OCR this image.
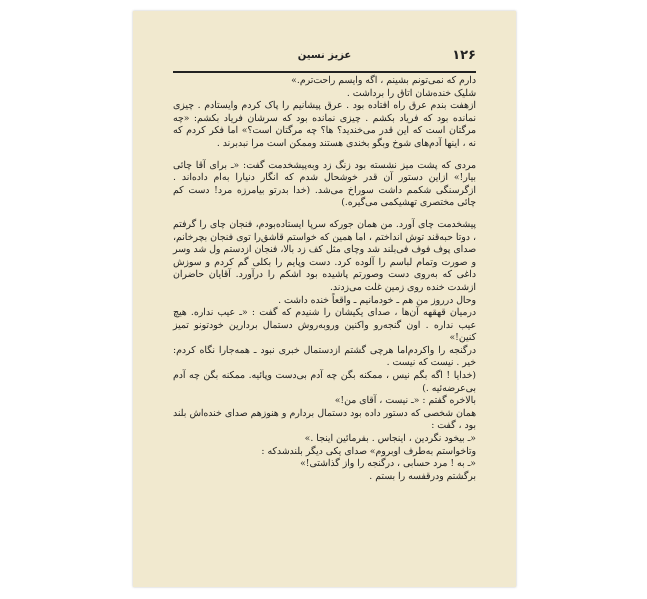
۱۲۶
عزیز نسین

دارم که نمی‌تونم بشینم ، اگه وایسم راحت‌ترم.»

شلیک خنده‌شان اتاق را برداشت .

ازهفت بندم عرق راه افتاده بود . عرق پیشانیم را پاک کردم وایستادم . چیزی نمانده بود که فریاد بکشم . چیزی نمانده بود که سرشان فریاد بکشم: «چه مرگتان است که این قدر می‌خندید؟ ها؟ چه مرگتان است؟» اما فکر کردم که نه ، اینها آدم‌های شوخ وبگو بخندی هستند وممکن است مرا نبدبرند .

مردی که پشت میز نشسته بود زنگ زد وبه‌پیشخدمت گفت: «ـ برای آقا چائی بیار!» ازاین دستور آن قدر خوشحال شدم که انگار دنیارا به‌ام داده‌اند . ازگرسنگی شکمم داشت سوراخ می‌شد. (خدا بدرتو بیامرزه مرد! دست کم چائی مختصری تهشیکمی می‌گیره.)

پیشخدمت چای آورد. من همان جورکه سرپا ایستاده‌بودم، فنجان چای را گرفتم ، دوتا حبه‌قند توش انداختم ، اما همین که خواستم قاشق‌را توی فنجان بچرخانم، صدای پوف فوف فی‌بلند شد وچای مثل کف زد بالا، فنجان ازدستم ول شد وسر و صورت وتمام لباسم را آلوده کرد. دست وپایم را بکلی گم کردم و سوزش داغی که به‌روی دست وصورتم پاشیده بود اشکم را درآورد. آقایان حاضران ازشدت خنده روی زمین غلت می‌زدند.

وحال درروز من هم ـ خودمانیم ـ واقعاً خنده داشت .

درمیان قهقهه آن‌ها ، صدای یکیشان را شنیدم که گفت : «ـ عیب نداره. هیچ عیب نداره . اون گنجه‌رو واکنین وروبه‌روش دستمال بردارین خودتونو تمیز کنین!»

درگنجه را واکردم‌اما هرچی گشتم ازدستمال خبری نبود ـ همه‌جارا نگاه کردم: خیر . نیست که نیست .

(خدایا ! اگه بگم نیس ، ممکنه بگن چه آدم بی‌دست وپائیه. ممکنه بگن چه آدم بی‌عرضه‌ئیه .)

بالاخره گفتم : «ـ نیست ، آقای من!»

همان شخصی که دستور داده بود دستمال بردارم و هنوزهم صدای خنده‌اش بلند بود ، گفت :

«ـ بیخود نگردین ، اینجاس . بفرمائین اینجا .»

وتاخواستم به‌طرف اوبروم» صدای یکی دیگر بلندشدکه :

«ـ به ! مرد حسابی ، درگنجه را واز گذاشتی!»

برگشتم ودرقفسه را بستم .
